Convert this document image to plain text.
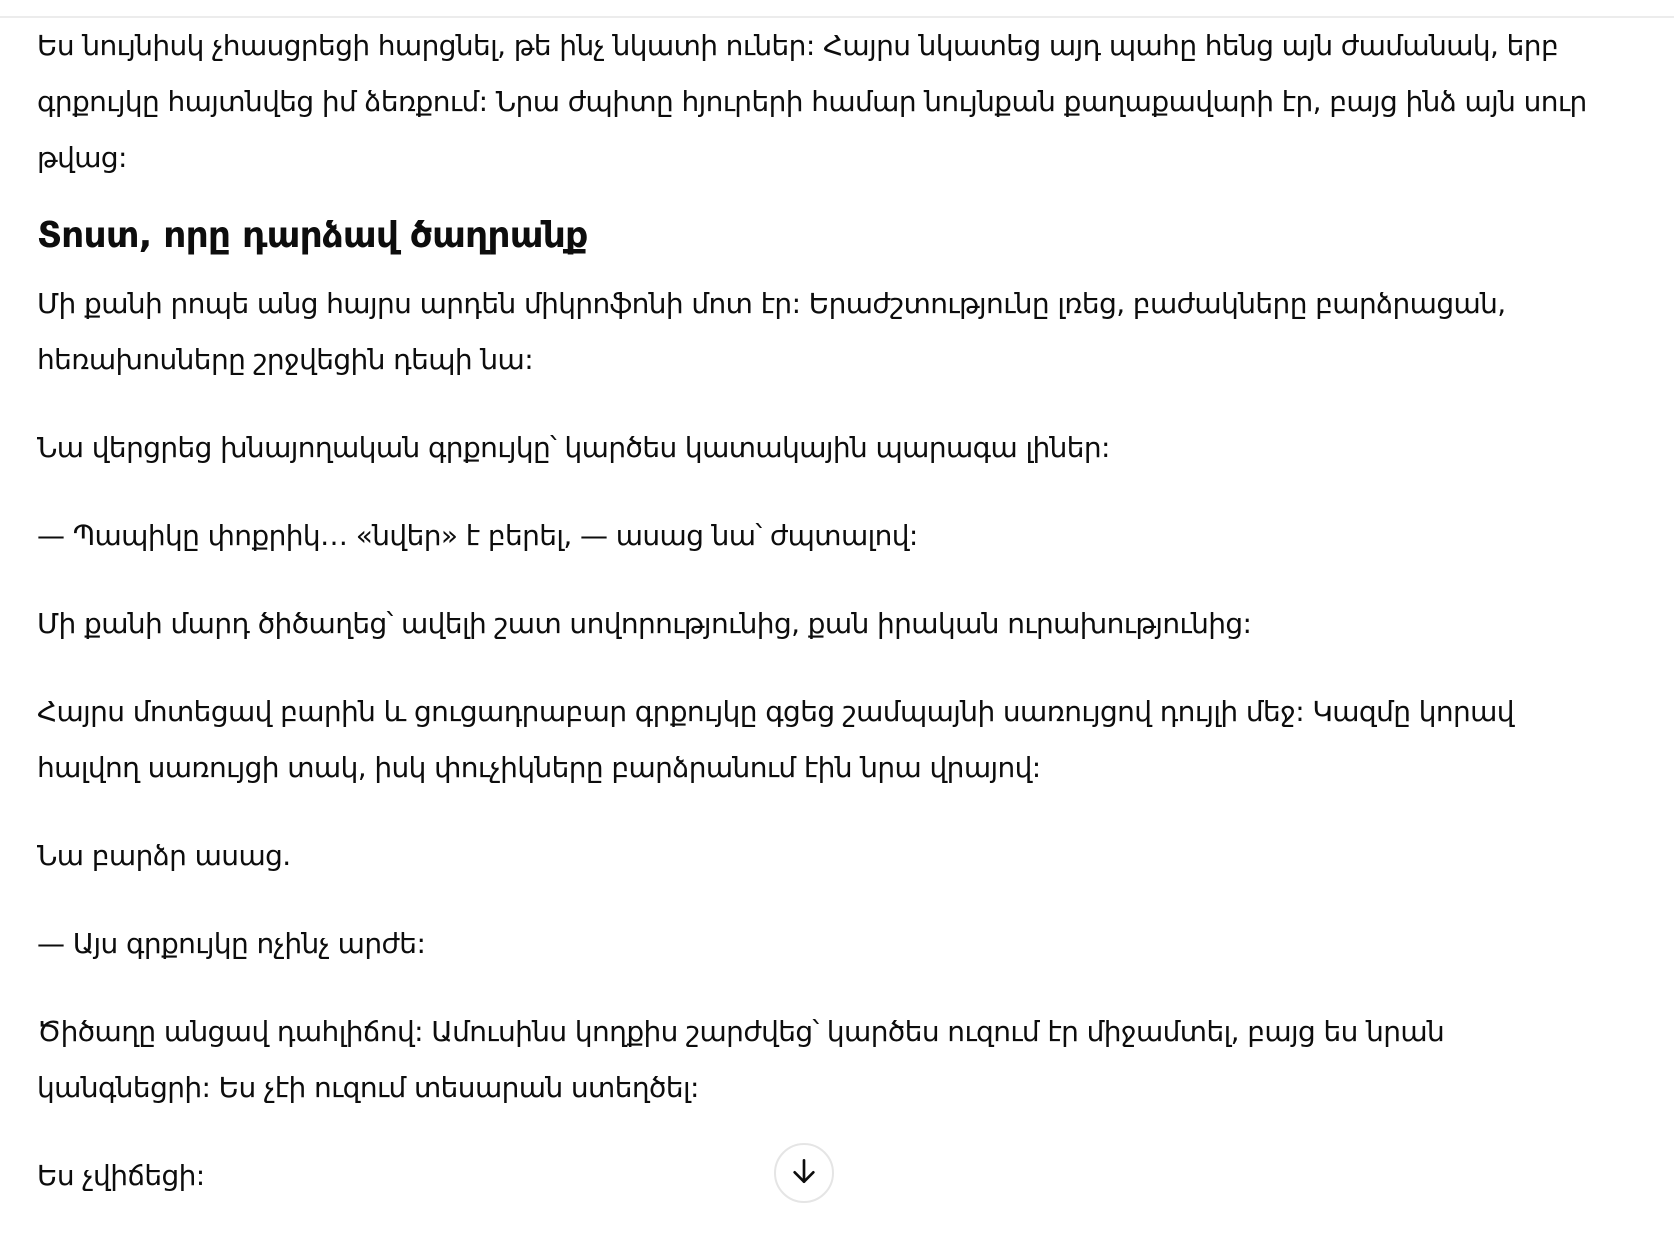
Ես նույնիսկ չհասցրեցի հարցնել, թե ինչ նկատի ուներ: Հայրս նկատեց այդ պահը հենց այն ժամանակ, երբ գրքույկը հայտնվեց իմ ձեռքում: Նրա ժպիտը հյուրերի համար նույնքան քաղաքավարի էր, բայց ինձ այն սուր թվաց:

Տոստ, որը դարձավ ծաղրանք

Մի քանի րոպե անց հայրս արդեն միկրոֆոնի մոտ էր: Երաժշտությունը լռեց, բաժակները բարձրացան, հեռախոսները շրջվեցին դեպի նա:

Նա վերցրեց խնայողական գրքույկը՝ կարծես կատակային պարագա լիներ:

— Պապիկը փոքրիկ… «նվեր» է բերել, — ասաց նա՝ ժպտալով:

Մի քանի մարդ ծիծաղեց՝ ավելի շատ սովորությունից, քան իրական ուրախությունից:

Հայրս մոտեցավ բարին և ցուցադրաբար գրքույկը գցեց շամպայնի սառույցով դույլի մեջ: Կազմը կորավ հալվող սառույցի տակ, իսկ փուչիկները բարձրանում էին նրա վրայով:

Նա բարձր ասաց.

— Այս գրքույկը ոչինչ արժե:

Ծիծաղը անցավ դահլիճով: Ամուսինս կողքիս շարժվեց՝ կարծես ուզում էր միջամտել, բայց ես նրան կանգնեցրի: Ես չէի ուզում տեսարան ստեղծել:

Ես չվիճեցի:
